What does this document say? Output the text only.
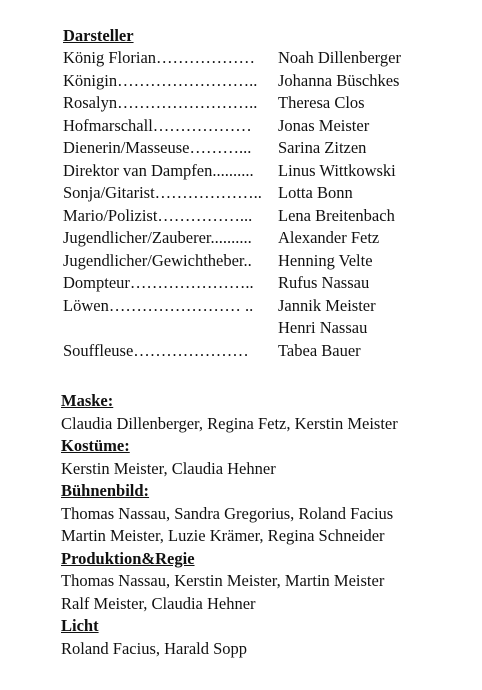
Darsteller
König Florian……………… Noah Dillenberger
Königin…………………….. Johanna Büschkes
Rosalyn…………………….. Theresa Clos
Hofmarschall……………… Jonas Meister
Dienerin/Masseuse………... Sarina Zitzen
Direktor van Dampfen.......... Linus Wittkowski
Sonja/Gitarist……………….. Lotta Bonn
Mario/Polizist……………... Lena Breitenbach
Jugendlicher/Zauberer.......... Alexander Fetz
Jugendlicher/Gewichtheber.. Henning Velte
Dompteur………………….. Rufus Nassau
Löwen…………………… .. Jannik Meister
Henri Nassau
Souffleuse………………… Tabea Bauer
Maske:
Claudia Dillenberger, Regina Fetz, Kerstin Meister
Kostüme:
Kerstin Meister, Claudia Hehner
Bühnenbild:
Thomas Nassau, Sandra Gregorius, Roland Facius
Martin Meister, Luzie Krämer, Regina Schneider
Produktion&Regie
Thomas Nassau, Kerstin Meister, Martin Meister
Ralf Meister, Claudia Hehner
Licht
Roland Facius, Harald Sopp
